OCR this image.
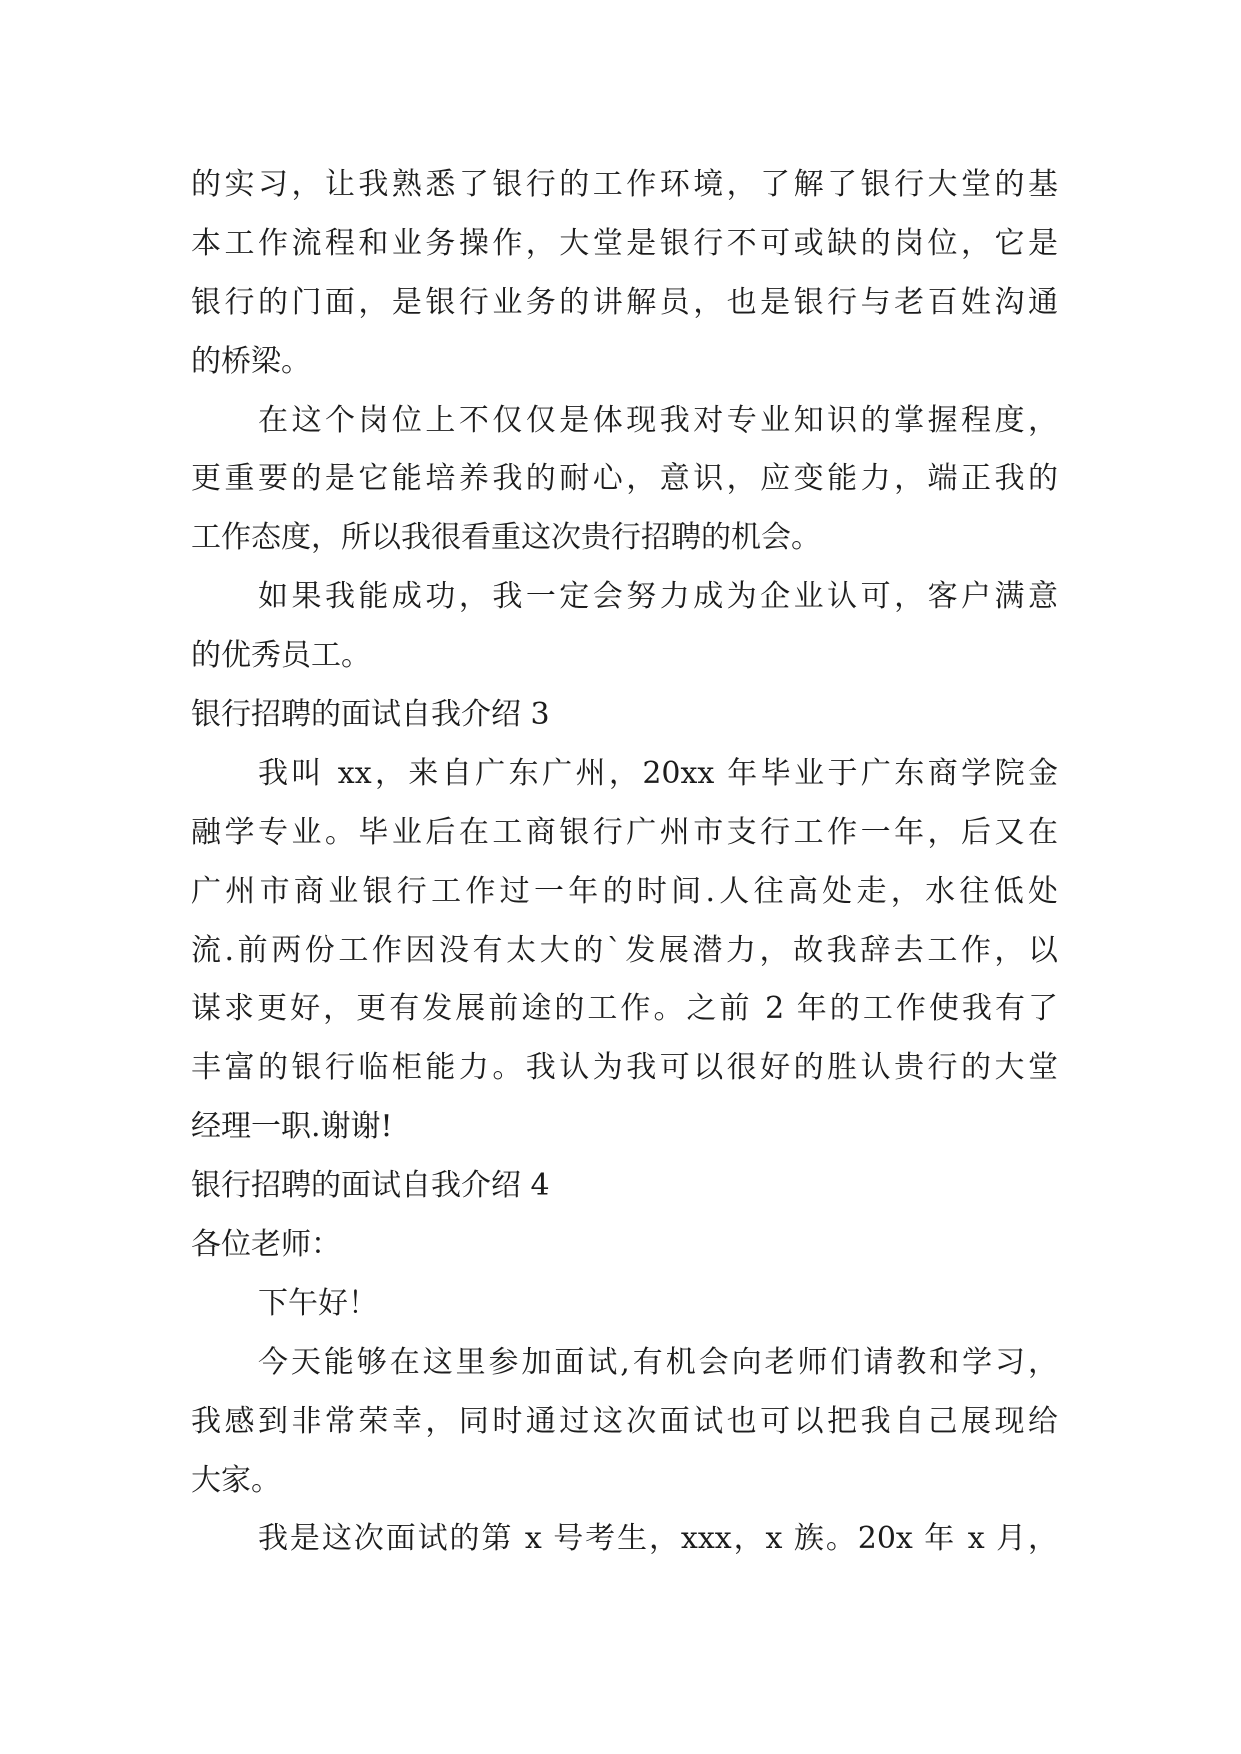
的实习，让我熟悉了银行的工作环境，了解了银行大堂的基

本工作流程和业务操作，大堂是银行不可或缺的岗位，它是

银行的门面，是银行业务的讲解员，也是银行与老百姓沟通

的桥梁。

在这个岗位上不仅仅是体现我对专业知识的掌握程度，

更重要的是它能培养我的耐心，意识，应变能力，端正我的

工作态度，所以我很看重这次贵行招聘的机会。

如果我能成功，我一定会努力成为企业认可，客户满意

的优秀员工。

银行招聘的面试自我介绍 3

我叫 xx，来自广东广州，20xx 年毕业于广东商学院金

融学专业。毕业后在工商银行广州市支行工作一年，后又在

广州市商业银行工作过一年的时间.人往高处走，水往低处

流.前两份工作因没有太大的`发展潜力，故我辞去工作，以

谋求更好，更有发展前途的工作。之前 2 年的工作使我有了

丰富的银行临柜能力。我认为我可以很好的胜认贵行的大堂

经理一职.谢谢!

银行招聘的面试自我介绍 4

各位老师：

下午好！

今天能够在这里参加面试,有机会向老师们请教和学习，

我感到非常荣幸，同时通过这次面试也可以把我自己展现给

大家。

我是这次面试的第 x 号考生，xxx，x 族。20x 年 x 月，
